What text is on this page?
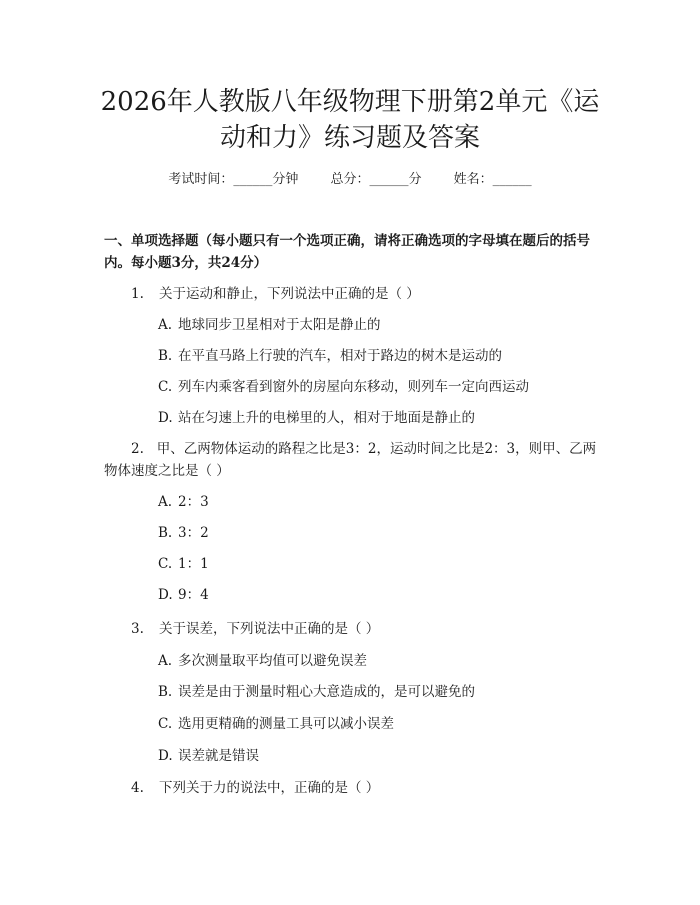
2026年人教版八年级物理下册第2单元《运动和力》练习题及答案
考试时间：______分钟 总分：______分 姓名：______

一、单项选择题（每小题只有一个选项正确，请将正确选项的字母填在题后的括号内。每小题3分，共24分）

1. 关于运动和静止，下列说法中正确的是（ ）
A. 地球同步卫星相对于太阳是静止的
B. 在平直马路上行驶的汽车，相对于路边的树木是运动的
C. 列车内乘客看到窗外的房屋向东移动，则列车一定向西运动
D. 站在匀速上升的电梯里的人，相对于地面是静止的

2. 甲、乙两物体运动的路程之比是3：2，运动时间之比是2：3，则甲、乙两物体速度之比是（ ）

A. 2：3
B. 3：2
C. 1：1
D. 9：4
3. 关于误差，下列说法中正确的是（ ）
A. 多次测量取平均值可以避免误差
B. 误差是由于测量时粗心大意造成的，是可以避免的
C. 选用更精确的测量工具可以减小误差
D. 误差就是错误
4. 下列关于力的说法中，正确的是（ ）
